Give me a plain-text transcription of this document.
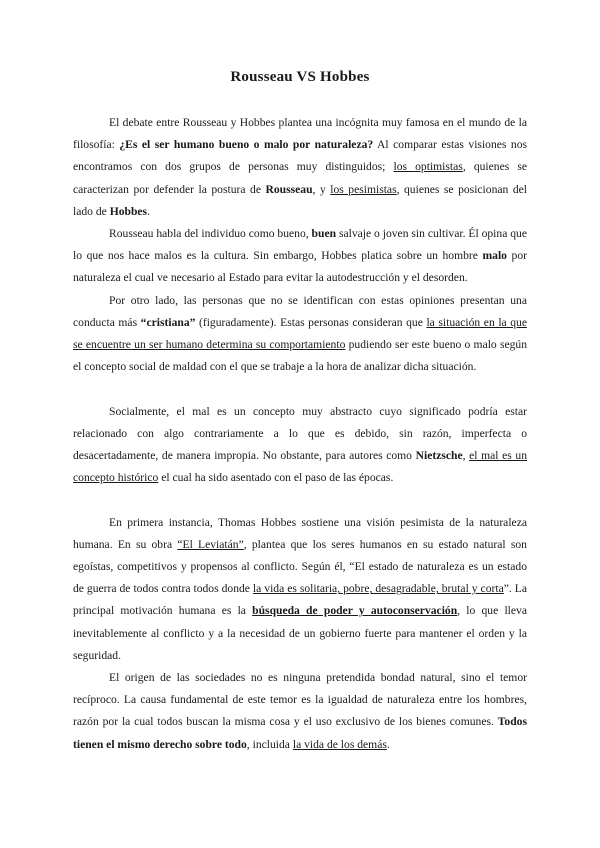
Rousseau VS Hobbes

El debate entre Rousseau y Hobbes plantea una incógnita muy famosa en el mundo de la filosofía: ¿Es el ser humano bueno o malo por naturaleza? Al comparar estas visiones nos encontramos con dos grupos de personas muy distinguidos; los optimistas, quienes se caracterizan por defender la postura de Rousseau, y los pesimistas, quienes se posicionan del lado de Hobbes.

Rousseau habla del individuo como bueno, buen salvaje o joven sin cultivar. Él opina que lo que nos hace malos es la cultura. Sin embargo, Hobbes platica sobre un hombre malo por naturaleza el cual ve necesario al Estado para evitar la autodestrucción y el desorden.

Por otro lado, las personas que no se identifican con estas opiniones presentan una conducta más “cristiana” (figuradamente). Estas personas consideran que la situación en la que se encuentre un ser humano determina su comportamiento pudiendo ser este bueno o malo según el concepto social de maldad con el que se trabaje a la hora de analizar dicha situación.

Socialmente, el mal es un concepto muy abstracto cuyo significado podría estar relacionado con algo contrariamente a lo que es debido, sin razón, imperfecta o desacertadamente, de manera impropia. No obstante, para autores como Nietzsche, el mal es un concepto histórico el cual ha sido asentado con el paso de las épocas.

En primera instancia, Thomas Hobbes sostiene una visión pesimista de la naturaleza humana. En su obra “El Leviatán”, plantea que los seres humanos en su estado natural son egoístas, competitivos y propensos al conflicto. Según él, “El estado de naturaleza es un estado de guerra de todos contra todos donde la vida es solitaria, pobre, desagradable, brutal y corta”. La principal motivación humana es la búsqueda de poder y autoconservación, lo que lleva inevitablemente al conflicto y a la necesidad de un gobierno fuerte para mantener el orden y la seguridad.

El origen de las sociedades no es ninguna pretendida bondad natural, sino el temor recíproco. La causa fundamental de este temor es la igualdad de naturaleza entre los hombres, razón por la cual todos buscan la misma cosa y el uso exclusivo de los bienes comunes. Todos tienen el mismo derecho sobre todo, incluida la vida de los demás.
